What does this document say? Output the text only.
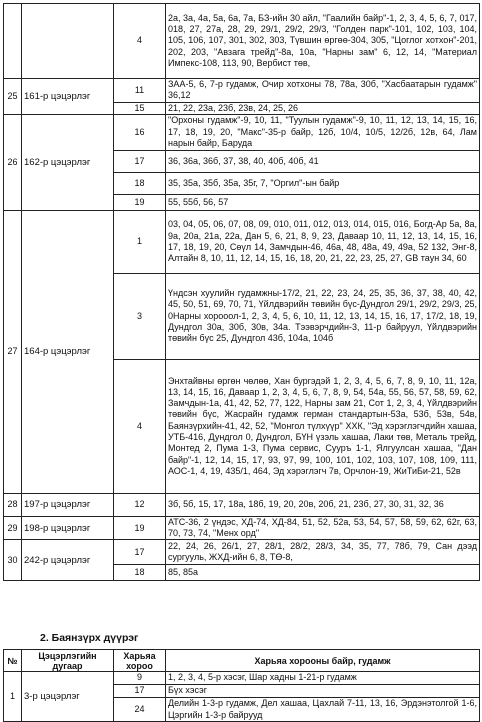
		4	2а, 3а, 4а, 5а, 6а, 7а, БЗ-ийн 30 айл, "Гаалийн байр"-1, 2, 3, 4, 5, 6, 7, 017, 018, 27, 27а, 28, 29, 29/1, 29/2, 29/3, "Голден парк"-101, 102, 103, 104, 105, 106, 107, 301, 302, 303, Түвшин өргөө-304, 305, "Цоглог хотхон"-201, 202, 203, "Авзага трейд"-8а, 10а, "Нарны зам" 6, 12, 14, "Материал Импекс-108, 113, 90, Вербист төв,
25	161-р цэцэрлэг	11	ЗАА-5, 6, 7-р гудамж, Очир хотхоны 78, 78а, 30б, "Хасбаатарын гудамж" 36,12
		15	21, 22, 23а, 23б, 23в, 24, 25, 26
26	162-р цэцэрлэг	16	"Орхоны гудамж"-9, 10, 11, "Туулын гудамж"-9, 10, 11, 12, 13, 14, 15, 16, 17, 18, 19, 20, "Макс"-35-р байр, 12б, 10/4, 10/5, 12/2б, 12в, 64, Лам нарын байр, Баруда
		17	36, 36а, 36б, 37, 38, 40, 40б, 40б, 41
		18	35, 35а, 35б, 35а, 35г, 7, "Оргил"-ын байр
		19	55, 55б, 56, 57
27	164-р цэцэрлэг	1	03, 04, 05, 06, 07, 08, 09, 010, 011, 012, 013, 014, 015, 016, Богд-Ар 5а, 8а, 9а, 20а, 21а, 22а, Дан 5, 6, 21, 8, 9, 23, Даваар 10, 11, 12, 13, 14, 15, 16, 17, 18, 19, 20, Сөүл 14, Замчдын-46, 46а, 48, 48а, 49, 49а, 52 132, Энг-8, Алтайн 8, 10, 11, 12, 14, 15, 16, 18, 20, 21, 22, 23, 25, 27, GB таун 34, 60
		3	Үндсэн хуулийн гудамжны-17/2, 21, 22, 23, 24, 25, 35, 36, 37, 38, 40, 42, 45, 50, 51, 69, 70, 71, Үйлдвэрийн төвийн бүс-Дундгол 29/1, 29/2, 29/3, 25, 0Нарны хорооол-1, 2, 3, 4, 5, 6, 10, 11, 12, 13, 14, 15, 16, 17, 17/2, 18, 19, Дундгол 30а, 30б, 30в, 34а. Тээвэрчдийн-3, 11-р байруул, Үйлдвэрийн төвийн бүс 25, Дундгол 43б, 104а, 104б
		4	Энхтайвны өргөн чөлөө, Хан бургэдэй 1, 2, 3, 4, 5, 6, 7, 8, 9, 10, 11, 12а, 13, 14, 15, 16, Даваар 1, 2, 3, 4, 5, 6, 7, 8, 9, 54, 54а, 55, 56, 57, 58, 59, 62, Замчдын-1а, 41, 42, 52, 77, 122, Нарны зам 21, Сот 1, 2, 3, 4, Үйлдвэрийн төвийн бүс, Жасрайн гудамж герман стандартын-53а, 53б, 53в, 54в, Баянзүрхийн-41, 42, 52, "Монгол түлхүүр" ХХК, "Эд хэрэглэгчдийн хашаа, УТБ-416, Дундгол 0, Дундгол, БҮН үзэль хашаа, Лаки төв, Металь трейд, Монтед 2, Пума 1-3, Пума сервис, Сууръ 1-1, Ялгуулсан хашаа, "Дан байр"-1, 12, 14, 15, 17, 93, 97, 99, 100, 101, 102, 103, 107, 108, 109, 111, АОС-1, 4, 19, 435/1, 464, Эд хэрэглэгч 7в, Орчлон-19, ЖиТиБи-21, 52в
28	197-р цэцэрлэг	12	3б, 5б, 15, 17, 18а, 18б, 19, 20, 20в, 20б, 21, 23б, 27, 30, 31, 32, 36
29	198-р цэцэрлэг	19	АТС-36, 2 үндэс, ХД-74, ХД-84, 51, 52, 52а, 53, 54, 57, 58, 59, 62, 62г, 63, 70, 73, 74, "Менх орд"
30	242-р цэцэрлэг	17	22, 24, 26, 26/1, 27, 28/1, 28/2, 28/3, 34, 35, 77, 78б, 79, Сан дээд сургууль, ЖХД-ийн 6, 8, ТӨ-8,
		18	85, 85а
2. Баянзүрх дүүрэг
№	Цэцэрлэгийн дугаар	Харьяа хороо	Харьяа хорооны байр, гудамж
1	3-р цэцэрлэг	9	1, 2, 3, 4, 5-р хэсэг, Шар хадны 1-21-р гудамж
		17	Бүх хэсэг
		24	Делийн 1-3-р гудамж, Дел хашаа, Цахлай 7-11, 13, 16, Эрдэнэтолгой 1-6, Цэргийн 1-3-р байрууд
